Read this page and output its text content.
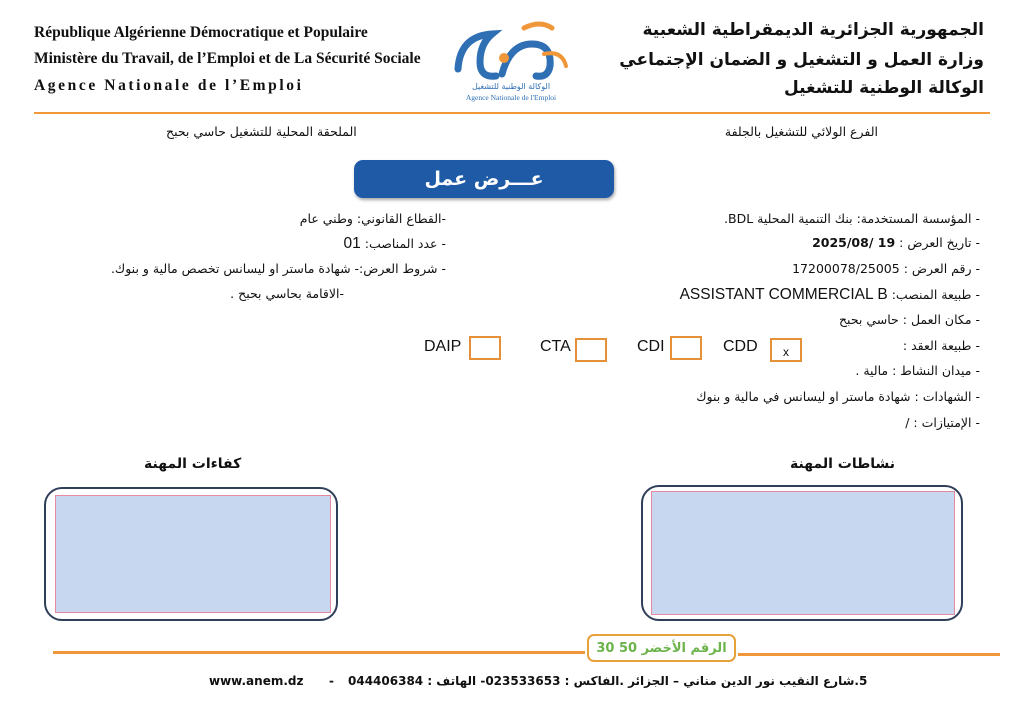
République Algérienne Démocratique et Populaire
Ministère du Travail, de l’Emploi et de La Sécurité Sociale
Agence Nationale de l’Emploi	الوكالة الوطنية للتشغيل
Agence Nationale de l'Emploi
الجمهورية الجزائرية الديمقراطية الشعبية
وزارة العمل و التشغيل و الضمان الإجتماعي
الوكالة الوطنية للتشغيل
الملحقة المحلية للتشغيل حاسي بحبح	الفرع الولائي للتشغيل بالجلفة
عـــرض عمل
- المؤسسة المستخدمة: بنك التنمية المحلية BDL.
- تاريخ العرض : 19 /2025/08
- رقم العرض : 17200078/25005
- طبيعة المنصب: ASSISTANT COMMERCIAL B
- مكان العمل : حاسي بحبح
- طبيعة العقد :
- ميدان النشاط : مالية .
- الشهادات : شهادة ماستر او ليسانس في مالية و بنوك
- الإمتيازات : /
-القطاع القانوني: وطني عام
- عدد المناصب: 01
- شروط العرض:- شهادة ماستر او ليسانس تخصص مالية و بنوك.
-الاقامة بحاسي بحبح .
CDD	x
CDI
CTA
DAIP
نشاطات المهنة
كفاءات المهنة
الرقم الأخضر 50 30
5.شارع النقيب نور الدين مناني – الجزائر .الفاكس : 023533653- الهاتف : 044406384
-
www.anem.dz
